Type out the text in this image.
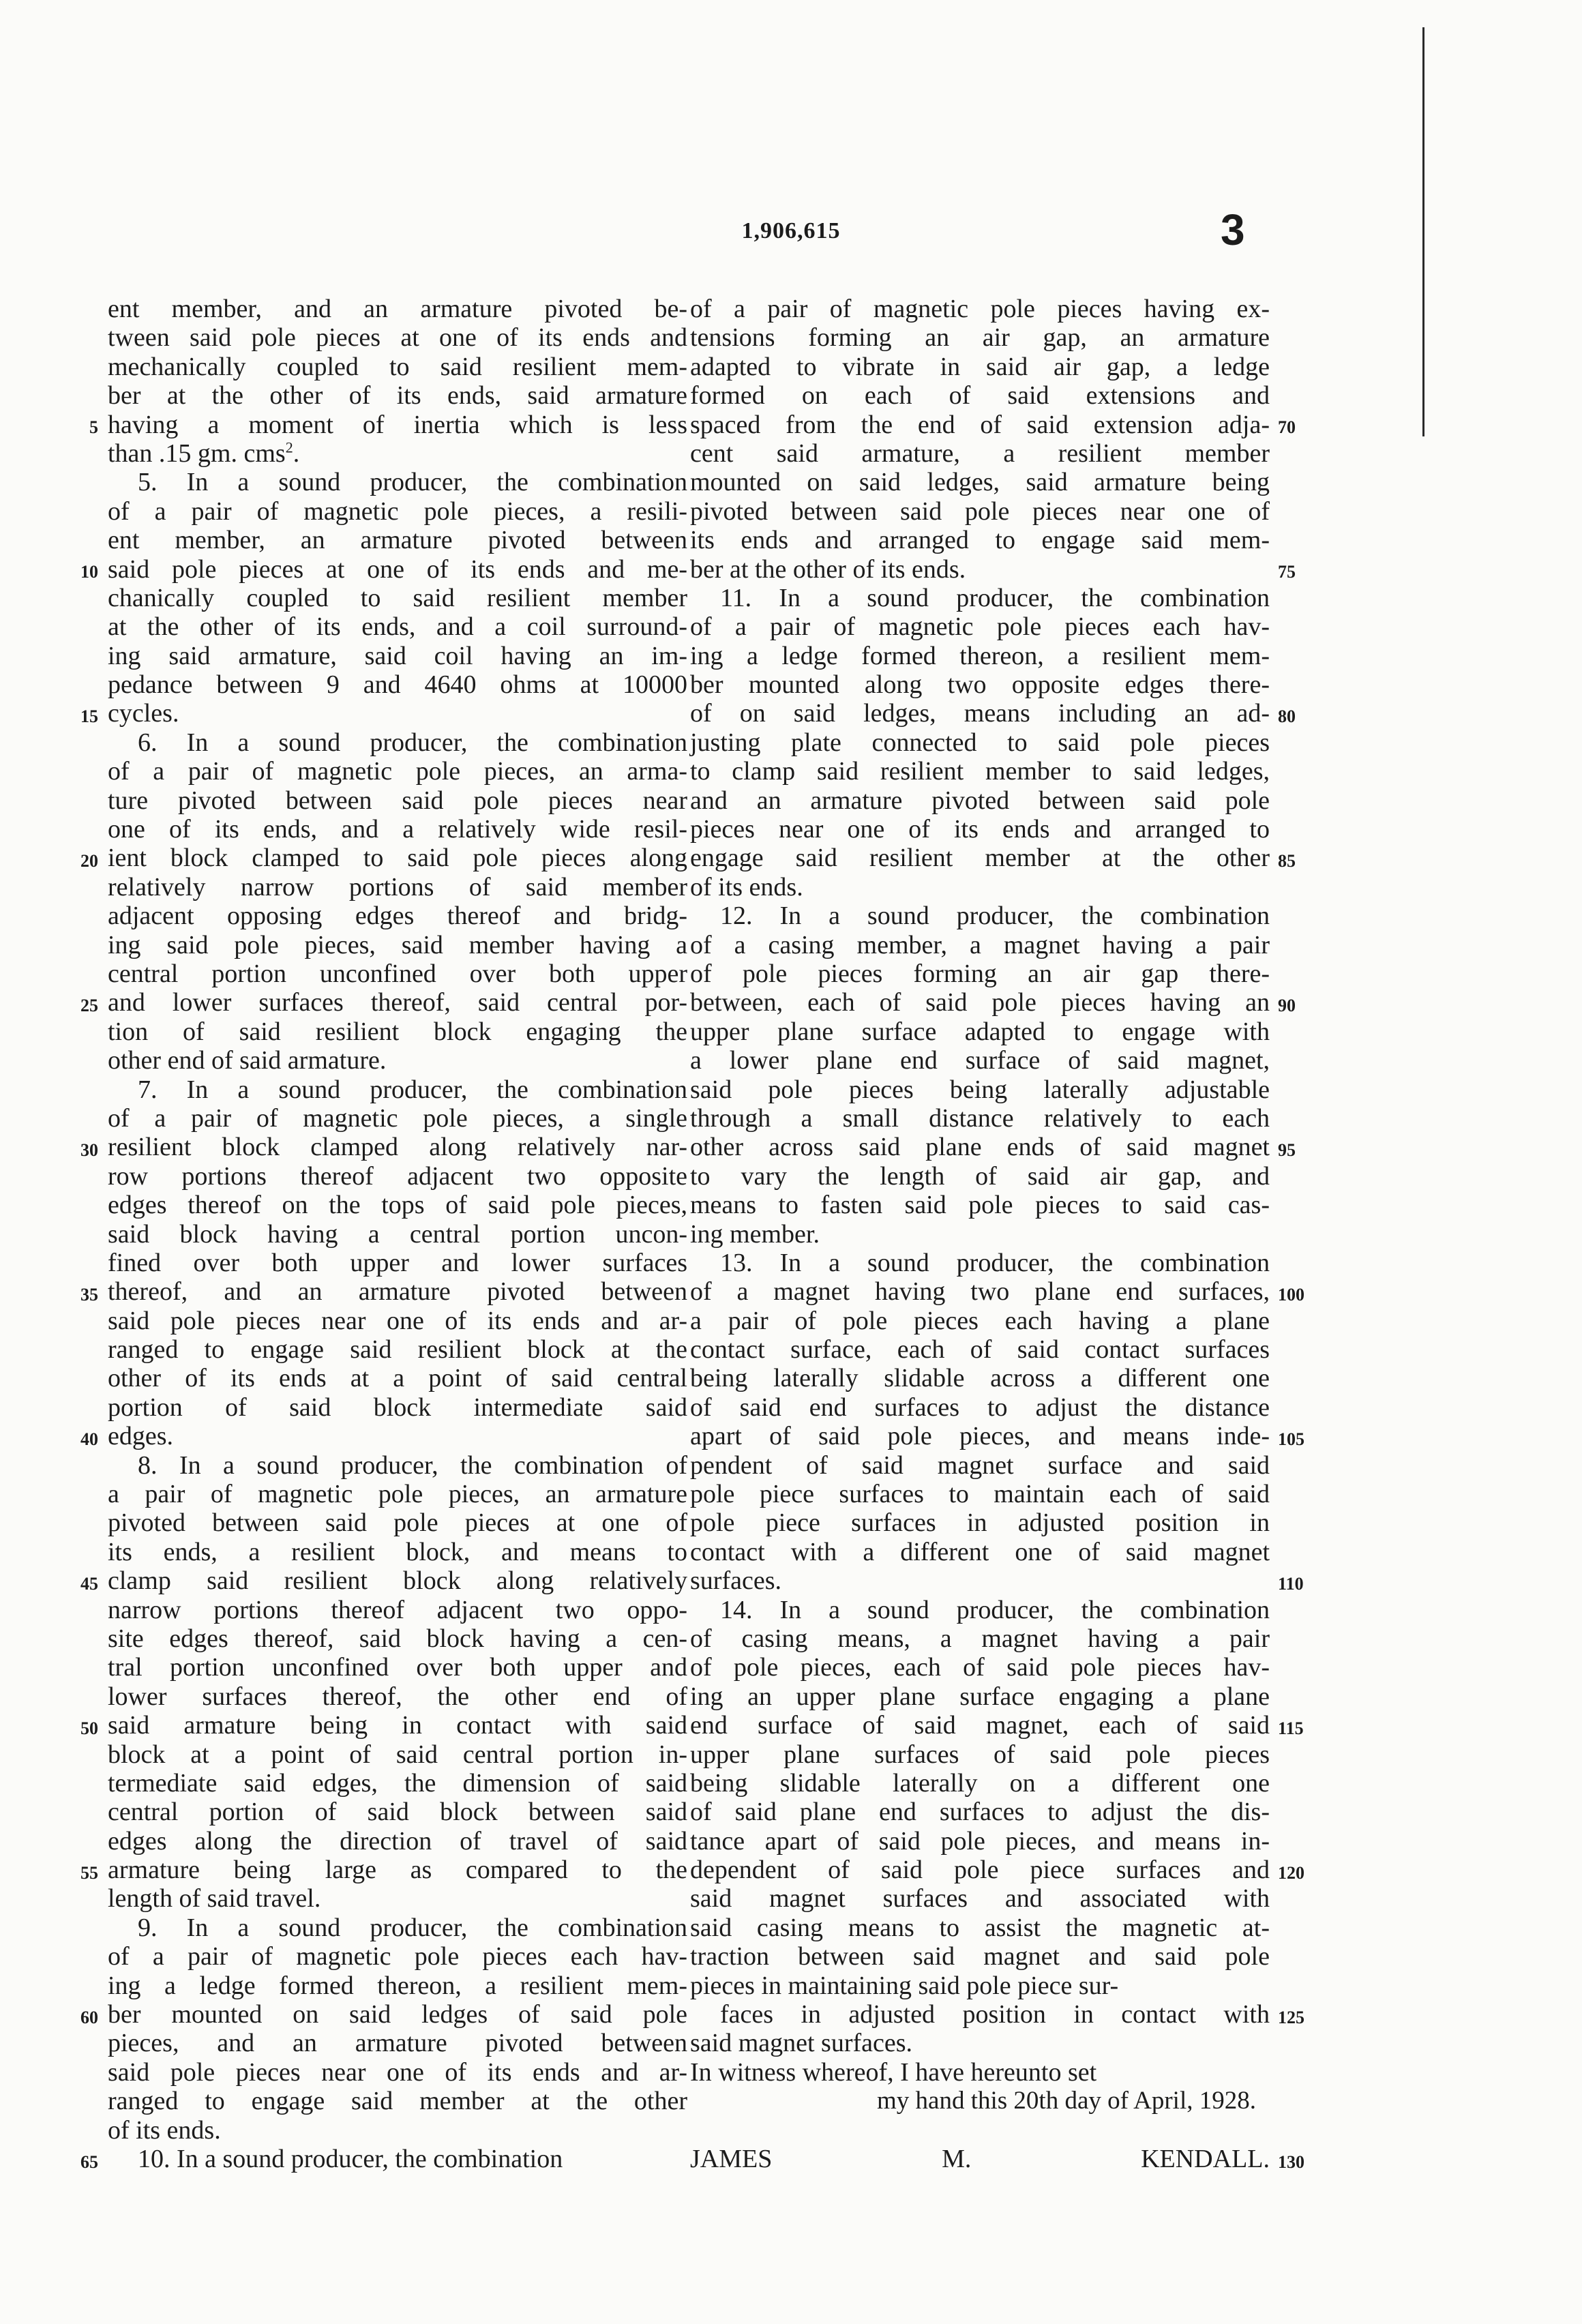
1,906,615	3
ent member, and an armature pivoted be-
tween said pole pieces at one of its ends and
mechanically coupled to said resilient mem-
ber at the other of its ends, said armature
having a moment of inertia which is less
than .15 gm. cms$^2$.
5. In a sound producer, the combination
of a pair of magnetic pole pieces, a resili-
ent member, an armature pivoted between
said pole pieces at one of its ends and me-
chanically coupled to said resilient member
at the other of its ends, and a coil surround-
ing said armature, said coil having an im-
pedance between 9 and 4640 ohms at 10000
cycles.
6. In a sound producer, the combination
of a pair of magnetic pole pieces, an arma-
ture pivoted between said pole pieces near
one of its ends, and a relatively wide resil-
ient block clamped to said pole pieces along
relatively narrow portions of said member
adjacent opposing edges thereof and bridg-
ing said pole pieces, said member having a
central portion unconfined over both upper
and lower surfaces thereof, said central por-
tion of said resilient block engaging the
other end of said armature.
7. In a sound producer, the combination
of a pair of magnetic pole pieces, a single
resilient block clamped along relatively nar-
row portions thereof adjacent two opposite
edges thereof on the tops of said pole pieces,
said block having a central portion uncon-
fined over both upper and lower surfaces
thereof, and an armature pivoted between
said pole pieces near one of its ends and ar-
ranged to engage said resilient block at the
other of its ends at a point of said central
portion of said block intermediate said
edges.
8. In a sound producer, the combination of
a pair of magnetic pole pieces, an armature
pivoted between said pole pieces at one of
its ends, a resilient block, and means to
clamp said resilient block along relatively
narrow portions thereof adjacent two oppo-
site edges thereof, said block having a cen-
tral portion unconfined over both upper and
lower surfaces thereof, the other end of
said armature being in contact with said
block at a point of said central portion in-
termediate said edges, the dimension of said
central portion of said block between said
edges along the direction of travel of said
armature being large as compared to the
length of said travel.
9. In a sound producer, the combination
of a pair of magnetic pole pieces each hav-
ing a ledge formed thereon, a resilient mem-
ber mounted on said ledges of said pole
pieces, and an armature pivoted between
said pole pieces near one of its ends and ar-
ranged to engage said member at the other
of its ends.
10. In a sound producer, the combination
of a pair of magnetic pole pieces having ex-
tensions forming an air gap, an armature
adapted to vibrate in said air gap, a ledge
formed on each of said extensions and
spaced from the end of said extension adja-
cent said armature, a resilient member
mounted on said ledges, said armature being
pivoted between said pole pieces near one of
its ends and arranged to engage said mem-
ber at the other of its ends.
11. In a sound producer, the combination
of a pair of magnetic pole pieces each hav-
ing a ledge formed thereon, a resilient mem-
ber mounted along two opposite edges there-
of on said ledges, means including an ad-
justing plate connected to said pole pieces
to clamp said resilient member to said ledges,
and an armature pivoted between said pole
pieces near one of its ends and arranged to
engage said resilient member at the other
of its ends.
12. In a sound producer, the combination
of a casing member, a magnet having a pair
of pole pieces forming an air gap there-
between, each of said pole pieces having an
upper plane surface adapted to engage with
a lower plane end surface of said magnet,
said pole pieces being laterally adjustable
through a small distance relatively to each
other across said plane ends of said magnet
to vary the length of said air gap, and
means to fasten said pole pieces to said cas-
ing member.
13. In a sound producer, the combination
of a magnet having two plane end surfaces,
a pair of pole pieces each having a plane
contact surface, each of said contact surfaces
being laterally slidable across a different one
of said end surfaces to adjust the distance
apart of said pole pieces, and means inde-
pendent of said magnet surface and said
pole piece surfaces to maintain each of said
pole piece surfaces in adjusted position in
contact with a different one of said magnet
surfaces.
14. In a sound producer, the combination
of casing means, a magnet having a pair
of pole pieces, each of said pole pieces hav-
ing an upper plane surface engaging a plane
end surface of said magnet, each of said
upper plane surfaces of said pole pieces
being slidable laterally on a different one
of said plane end surfaces to adjust the dis-
tance apart of said pole pieces, and means in-
dependent of said pole piece surfaces and
said magnet surfaces and associated with
said casing means to assist the magnetic at-
traction between said magnet and said pole
pieces in maintaining said pole piece sur-
faces in adjusted position in contact with
said magnet surfaces.
In witness whereof, I have hereunto set
my hand this 20th day of April, 1928.

JAMES M. KENDALL.
5
10
15
20
25
30
35
40
45
50
55
60
65
70
75
80
85
90
95
100
105
110
115
120
125
130
